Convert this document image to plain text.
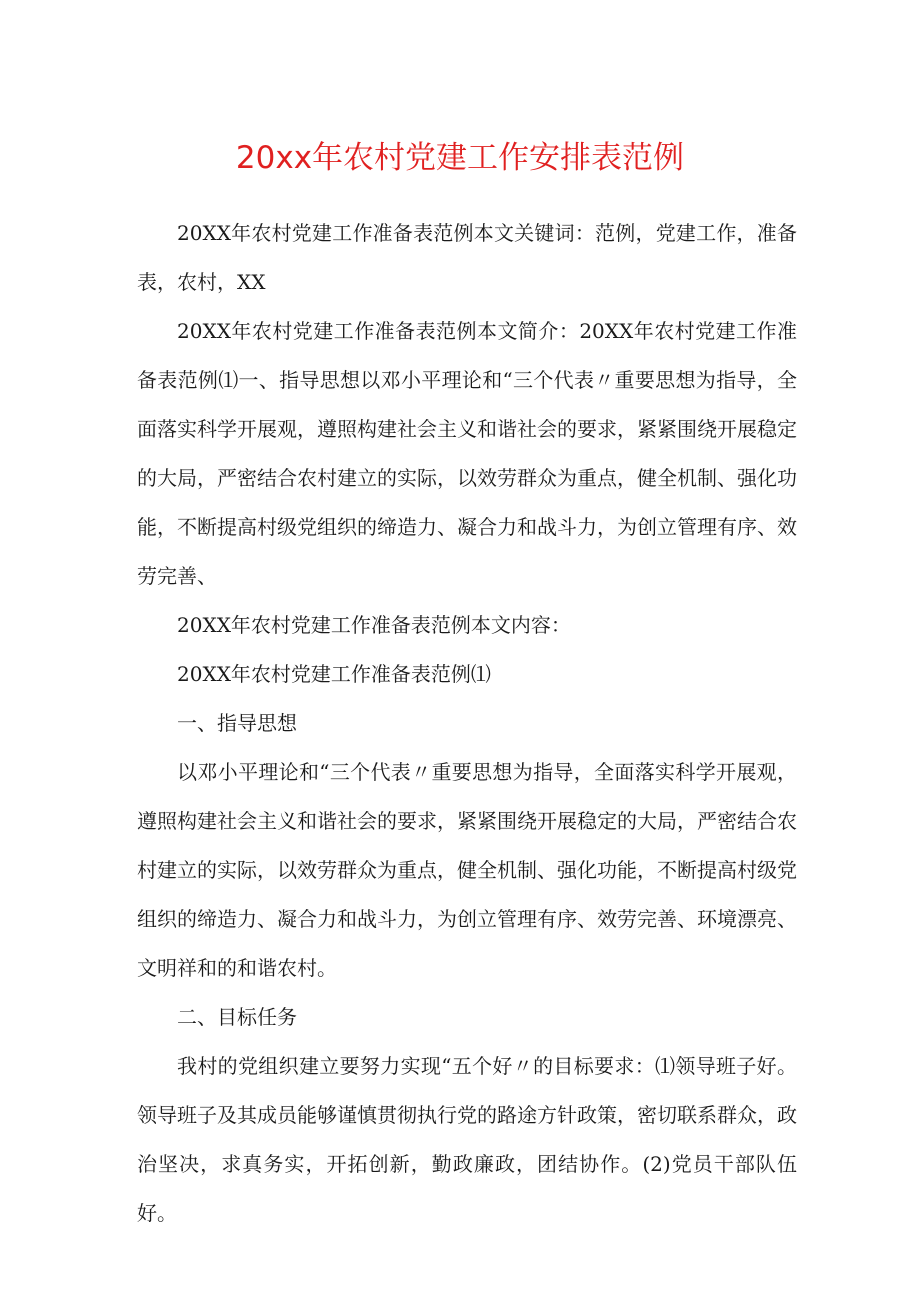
20xx年农村党建工作安排表范例

20XX年农村党建工作准备表范例本文关键词：范例，党建工作，准备表，农村，XX

20XX年农村党建工作准备表范例本文简介：20XX年农村党建工作准备表范例⑴一、指导思想以邓小平理论和“三个代表〃重要思想为指导，全面落实科学开展观，遵照构建社会主义和谐社会的要求，紧紧围绕开展稳定的大局，严密结合农村建立的实际，以效劳群众为重点，健全机制、强化功能，不断提高村级党组织的缔造力、凝合力和战斗力，为创立管理有序、效劳完善、

20XX年农村党建工作准备表范例本文内容：

20XX年农村党建工作准备表范例⑴

一、指导思想

以邓小平理论和“三个代表〃重要思想为指导，全面落实科学开展观，遵照构建社会主义和谐社会的要求，紧紧围绕开展稳定的大局，严密结合农村建立的实际，以效劳群众为重点，健全机制、强化功能，不断提高村级党组织的缔造力、凝合力和战斗力，为创立管理有序、效劳完善、环境漂亮、文明祥和的和谐农村。

二、目标任务

我村的党组织建立要努力实现“五个好〃的目标要求：⑴领导班子好。领导班子及其成员能够谨慎贯彻执行党的路途方针政策，密切联系群众，政治坚决，求真务实，开拓创新，勤政廉政，团结协作。(2)党员干部队伍好。
